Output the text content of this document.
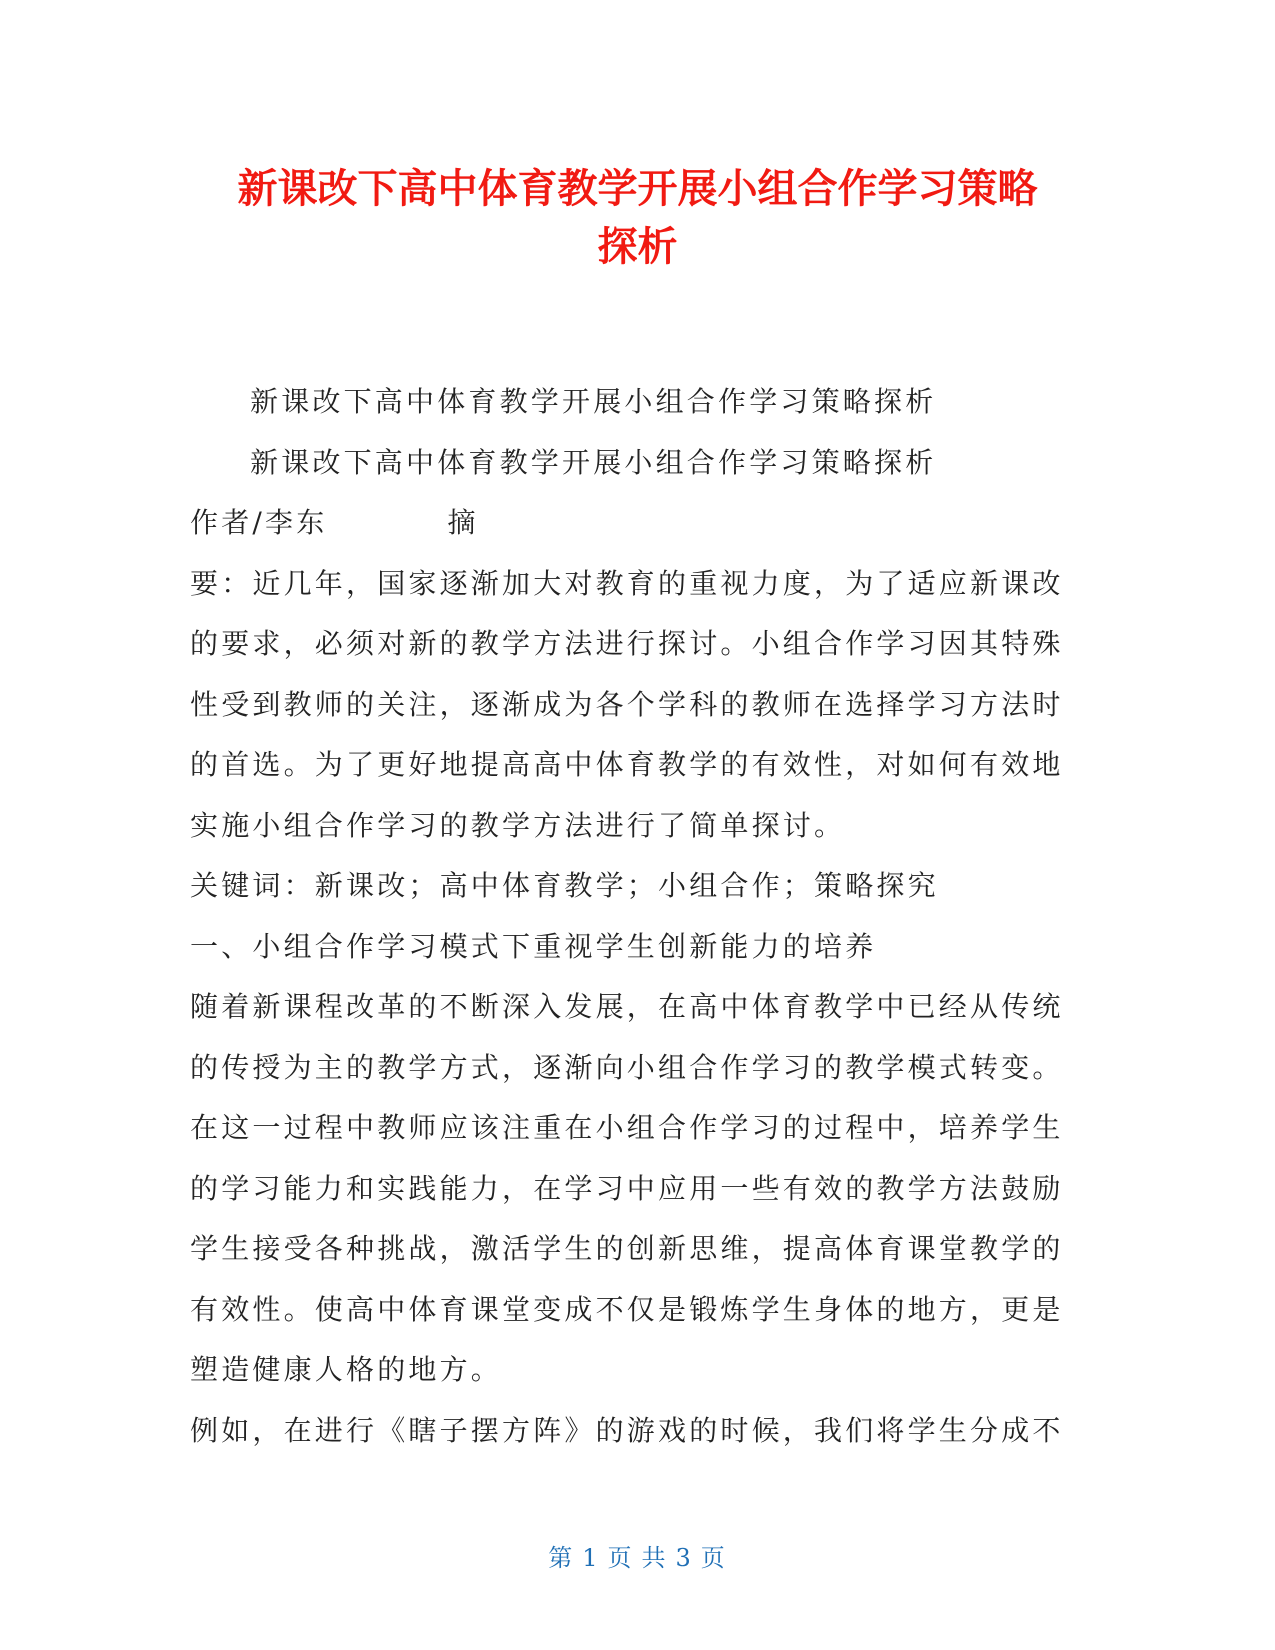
新课改下高中体育教学开展小组合作学习策略
探析
新课改下高中体育教学开展小组合作学习策略探析
新课改下高中体育教学开展小组合作学习策略探析
作者/李东	摘
要：近几年，国家逐渐加大对教育的重视力度，为了适应新课改
的要求，必须对新的教学方法进行探讨。小组合作学习因其特殊
性受到教师的关注，逐渐成为各个学科的教师在选择学习方法时
的首选。为了更好地提高高中体育教学的有效性，对如何有效地
实施小组合作学习的教学方法进行了简单探讨。
关键词：新课改；高中体育教学；小组合作；策略探究
一、小组合作学习模式下重视学生创新能力的培养
随着新课程改革的不断深入发展，在高中体育教学中已经从传统
的传授为主的教学方式，逐渐向小组合作学习的教学模式转变。
在这一过程中教师应该注重在小组合作学习的过程中，培养学生
的学习能力和实践能力，在学习中应用一些有效的教学方法鼓励
学生接受各种挑战，激活学生的创新思维，提高体育课堂教学的
有效性。使高中体育课堂变成不仅是锻炼学生身体的地方，更是
塑造健康人格的地方。
例如，在进行《瞎子摆方阵》的游戏的时候，我们将学生分成不
第 1 页 共 3 页
